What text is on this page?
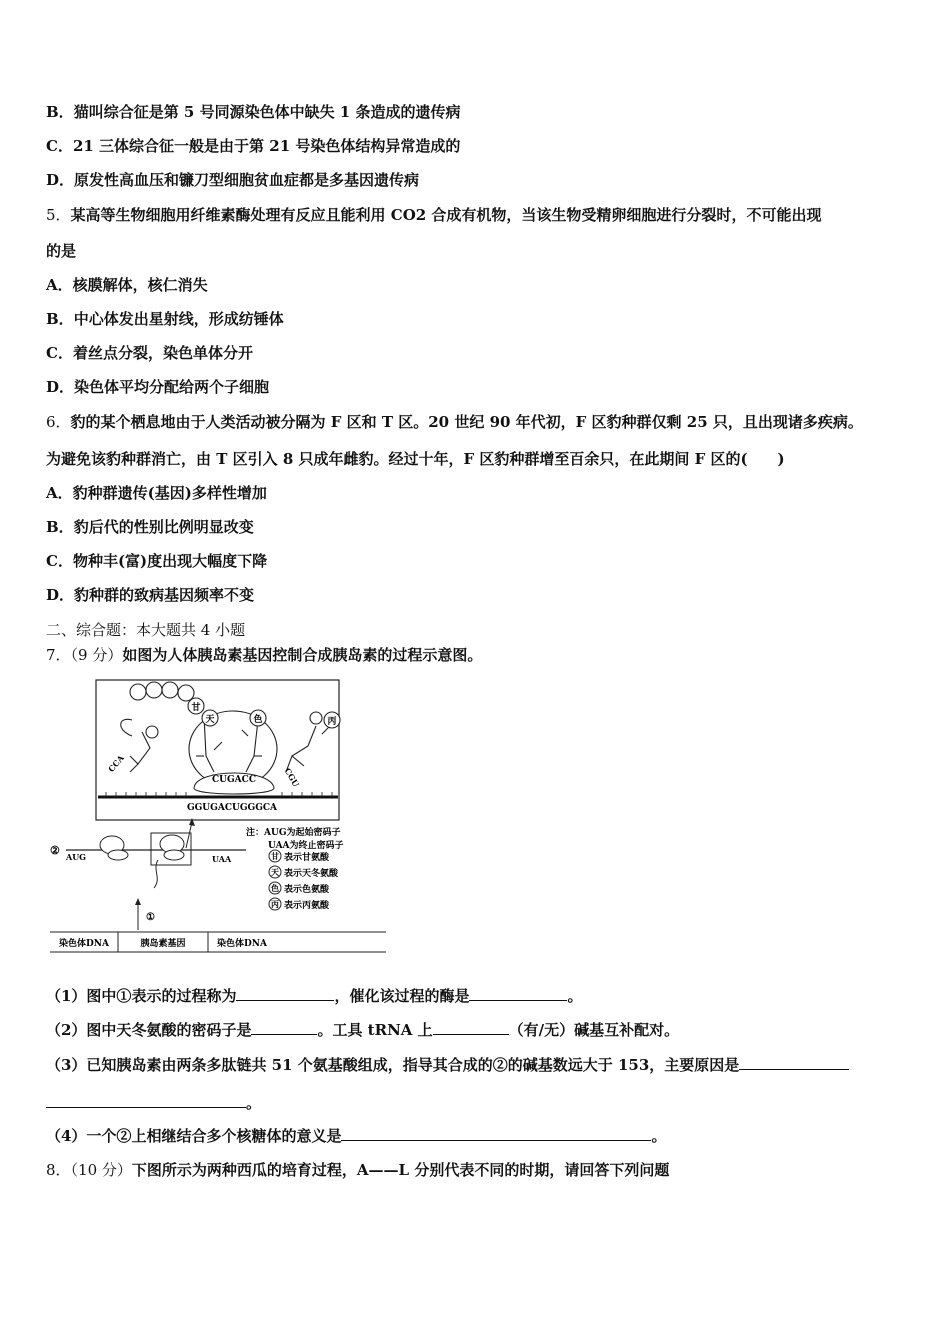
B．猫叫综合征是第 5 号同源染色体中缺失 1 条造成的遗传病
C．21 三体综合征一般是由于第 21 号染色体结构异常造成的
D．原发性高血压和镰刀型细胞贫血症都是多基因遗传病
5．某高等生物细胞用纤维素酶处理有反应且能利用 CO2 合成有机物，当该生物受精卵细胞进行分裂时，不可能出现
的是
A．核膜解体，核仁消失
B．中心体发出星射线，形成纺锤体
C．着丝点分裂，染色单体分开
D．染色体平均分配给两个子细胞
6．豹的某个栖息地由于人类活动被分隔为 F 区和 T 区。20 世纪 90 年代初，F 区豹种群仅剩 25 只，且出现诸多疾病。
为避免该豹种群消亡，由 T 区引入 8 只成年雌豹。经过十年，F 区豹种群增至百余只，在此期间 F 区的(　　)
A．豹种群遗传(基因)多样性增加
B．豹后代的性别比例明显改变
C．物种丰(富)度出现大幅度下降
D．豹种群的致病基因频率不变
二、综合题：本大题共 4 小题
7．（9 分）如图为人体胰岛素基因控制合成胰岛素的过程示意图。
CCA
CGU
甘
天	色	丙
CUGACC
GGUGACUGGGCA
② AUG	UAA
注：AUG为起始密码子
UAA为终止密码子
甘 表示甘氨酸
天 表示天冬氨酸
色 表示色氨酸
丙 表示丙氨酸
①
染色体DNA	胰岛素基因	染色体DNA
（1）图中①表示的过程称为	，催化该过程的酶是	。
（2）图中天冬氨酸的密码子是	。工具 tRNA 上	（有/无）碱基互补配对。
（3）已知胰岛素由两条多肽链共 51 个氨基酸组成，指导其合成的②的碱基数远大于 153，主要原因是
。
（4）一个②上相继结合多个核糖体的意义是	。
8．（10 分）下图所示为两种西瓜的培育过程，A——L 分别代表不同的时期，请回答下列问题
